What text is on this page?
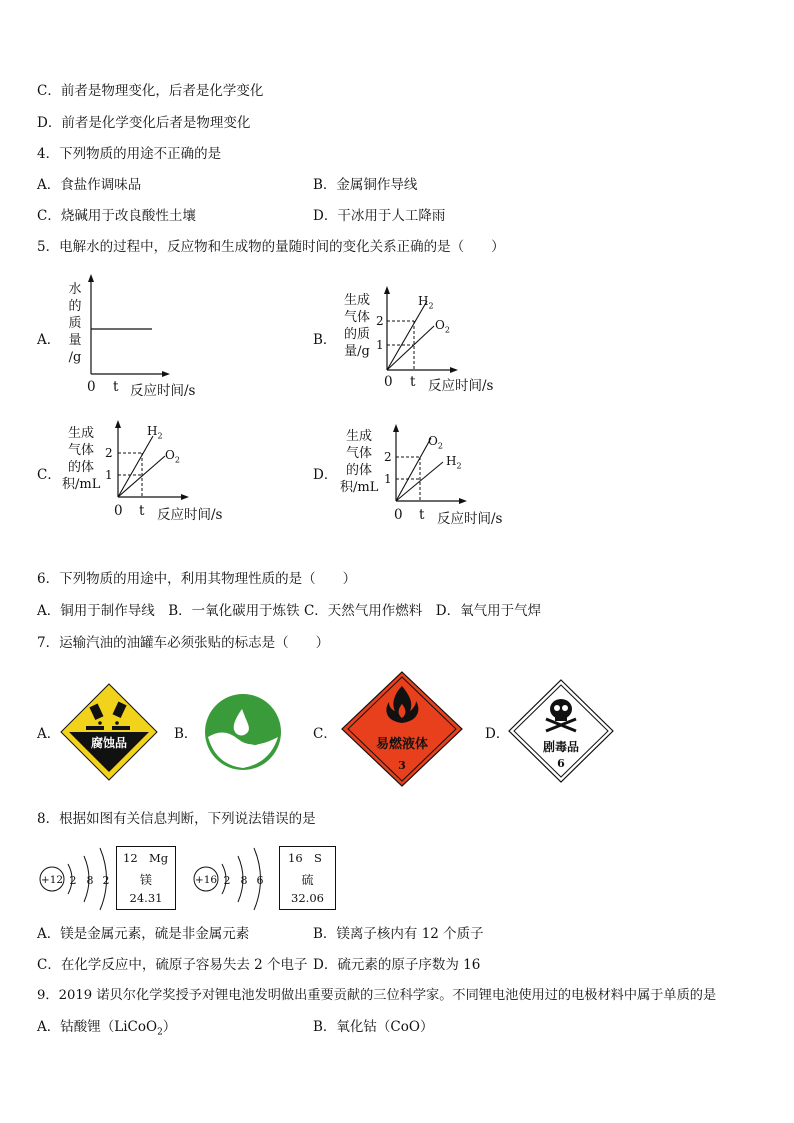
C．前者是物理变化，后者是化学变化
D．前者是化学变化后者是物理变化
4．下列物质的用途不正确的是
A．食盐作调味品	B．金属铜作导线
C．烧碱用于改良酸性土壤	D．干冰用于人工降雨
5．电解水的过程中，反应物和生成物的量随时间的变化关系正确的是（　　）
A．
水
的
质
量
/g
0 t 反应时间/s
B．
生成
气体
的质
量/g
2
1
$H_2$
$O_2$
0 t 反应时间/s
C．
生成
气体
的体
积/mL
2
1
$H_2$
$O_2$
0 t 反应时间/s
D．
生成
气体
的体
积/mL
2
1
$O_2$
$H_2$
0 t 反应时间/s
6．下列物质的用途中，利用其物理性质的是（　　）
A．铜用于制作导线　B．一氧化碳用于炼铁 C．天然气用作燃料　D．氧气用于气焊
7．运输汽油的油罐车必须张贴的标志是（　　）
A．	B．	C．	D．
腐蚀品	易燃液体
3
剧毒品
6
8．根据如图有关信息判断，下列说法错误的是
+12 2 8 2
12 Mg
镁
24.31
+16 2 8 6
16 S
硫
32.06
A．镁是金属元素，硫是非金属元素	B．镁离子核内有 12 个质子
C．在化学反应中，硫原子容易失去 2 个电子 D．硫元素的原子序数为 16
9．2019 诺贝尔化学奖授予对锂电池发明做出重要贡献的三位科学家。不同锂电池使用过的电极材料中属于单质的是
A．钴酸锂（LiCoO$_2$）	B．氧化钴（CoO）
